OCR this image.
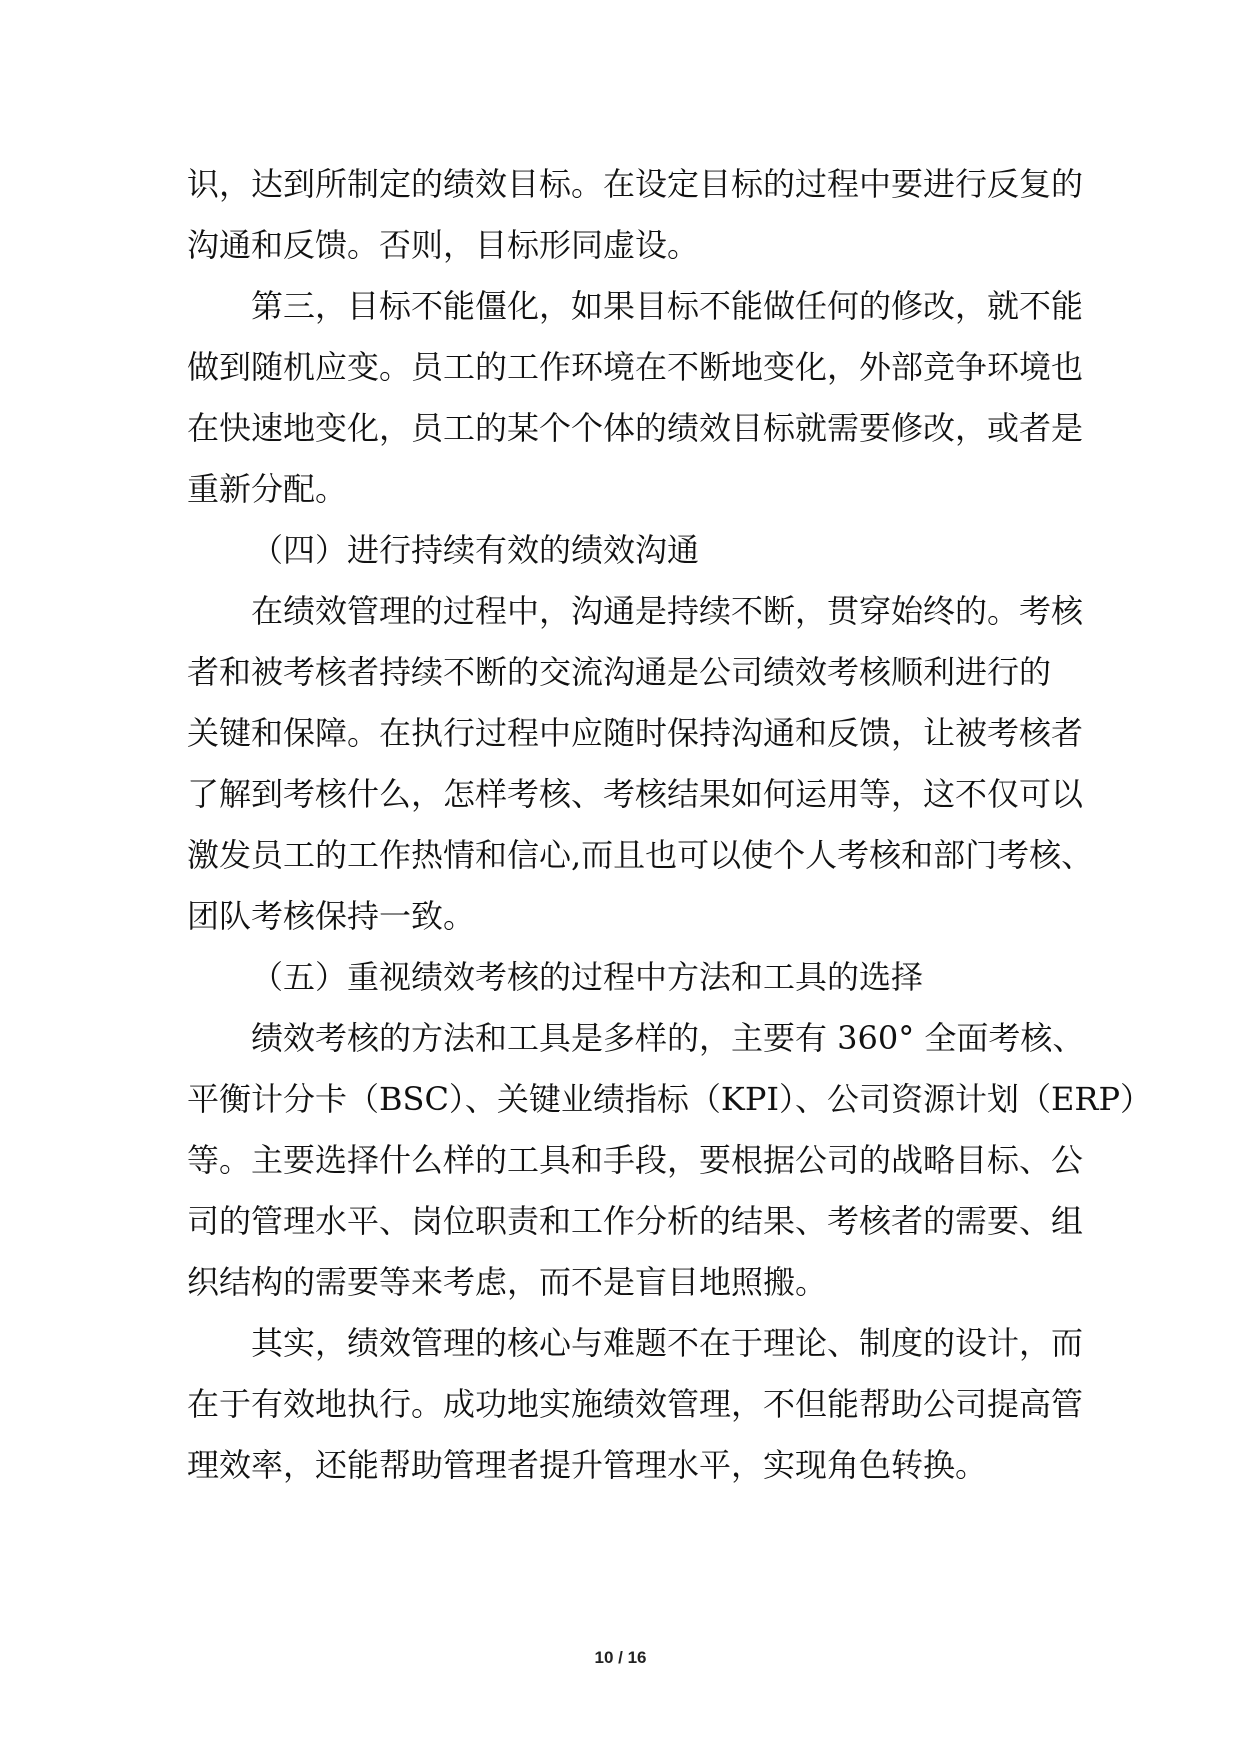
识，达到所制定的绩效目标。在设定目标的过程中要进行反复的
沟通和反馈。否则，目标形同虚设。
第三，目标不能僵化，如果目标不能做任何的修改，就不能
做到随机应变。员工的工作环境在不断地变化，外部竞争环境也
在快速地变化，员工的某个个体的绩效目标就需要修改，或者是
重新分配。
（四）进行持续有效的绩效沟通
在绩效管理的过程中，沟通是持续不断，贯穿始终的。考核
者和被考核者持续不断的交流沟通是公司绩效考核顺利进行的
关键和保障。在执行过程中应随时保持沟通和反馈，让被考核者
了解到考核什么，怎样考核、考核结果如何运用等，这不仅可以
激发员工的工作热情和信心,而且也可以使个人考核和部门考核、
团队考核保持一致。
（五）重视绩效考核的过程中方法和工具的选择
绩效考核的方法和工具是多样的，主要有 360° 全面考核、
平衡计分卡（BSC）、关键业绩指标（KPI）、公司资源计划（ERP）
等。主要选择什么样的工具和手段，要根据公司的战略目标、公
司的管理水平、岗位职责和工作分析的结果、考核者的需要、组
织结构的需要等来考虑，而不是盲目地照搬。
其实，绩效管理的核心与难题不在于理论、制度的设计，而
在于有效地执行。成功地实施绩效管理，不但能帮助公司提高管
理效率，还能帮助管理者提升管理水平，实现角色转换。
10 / 16
